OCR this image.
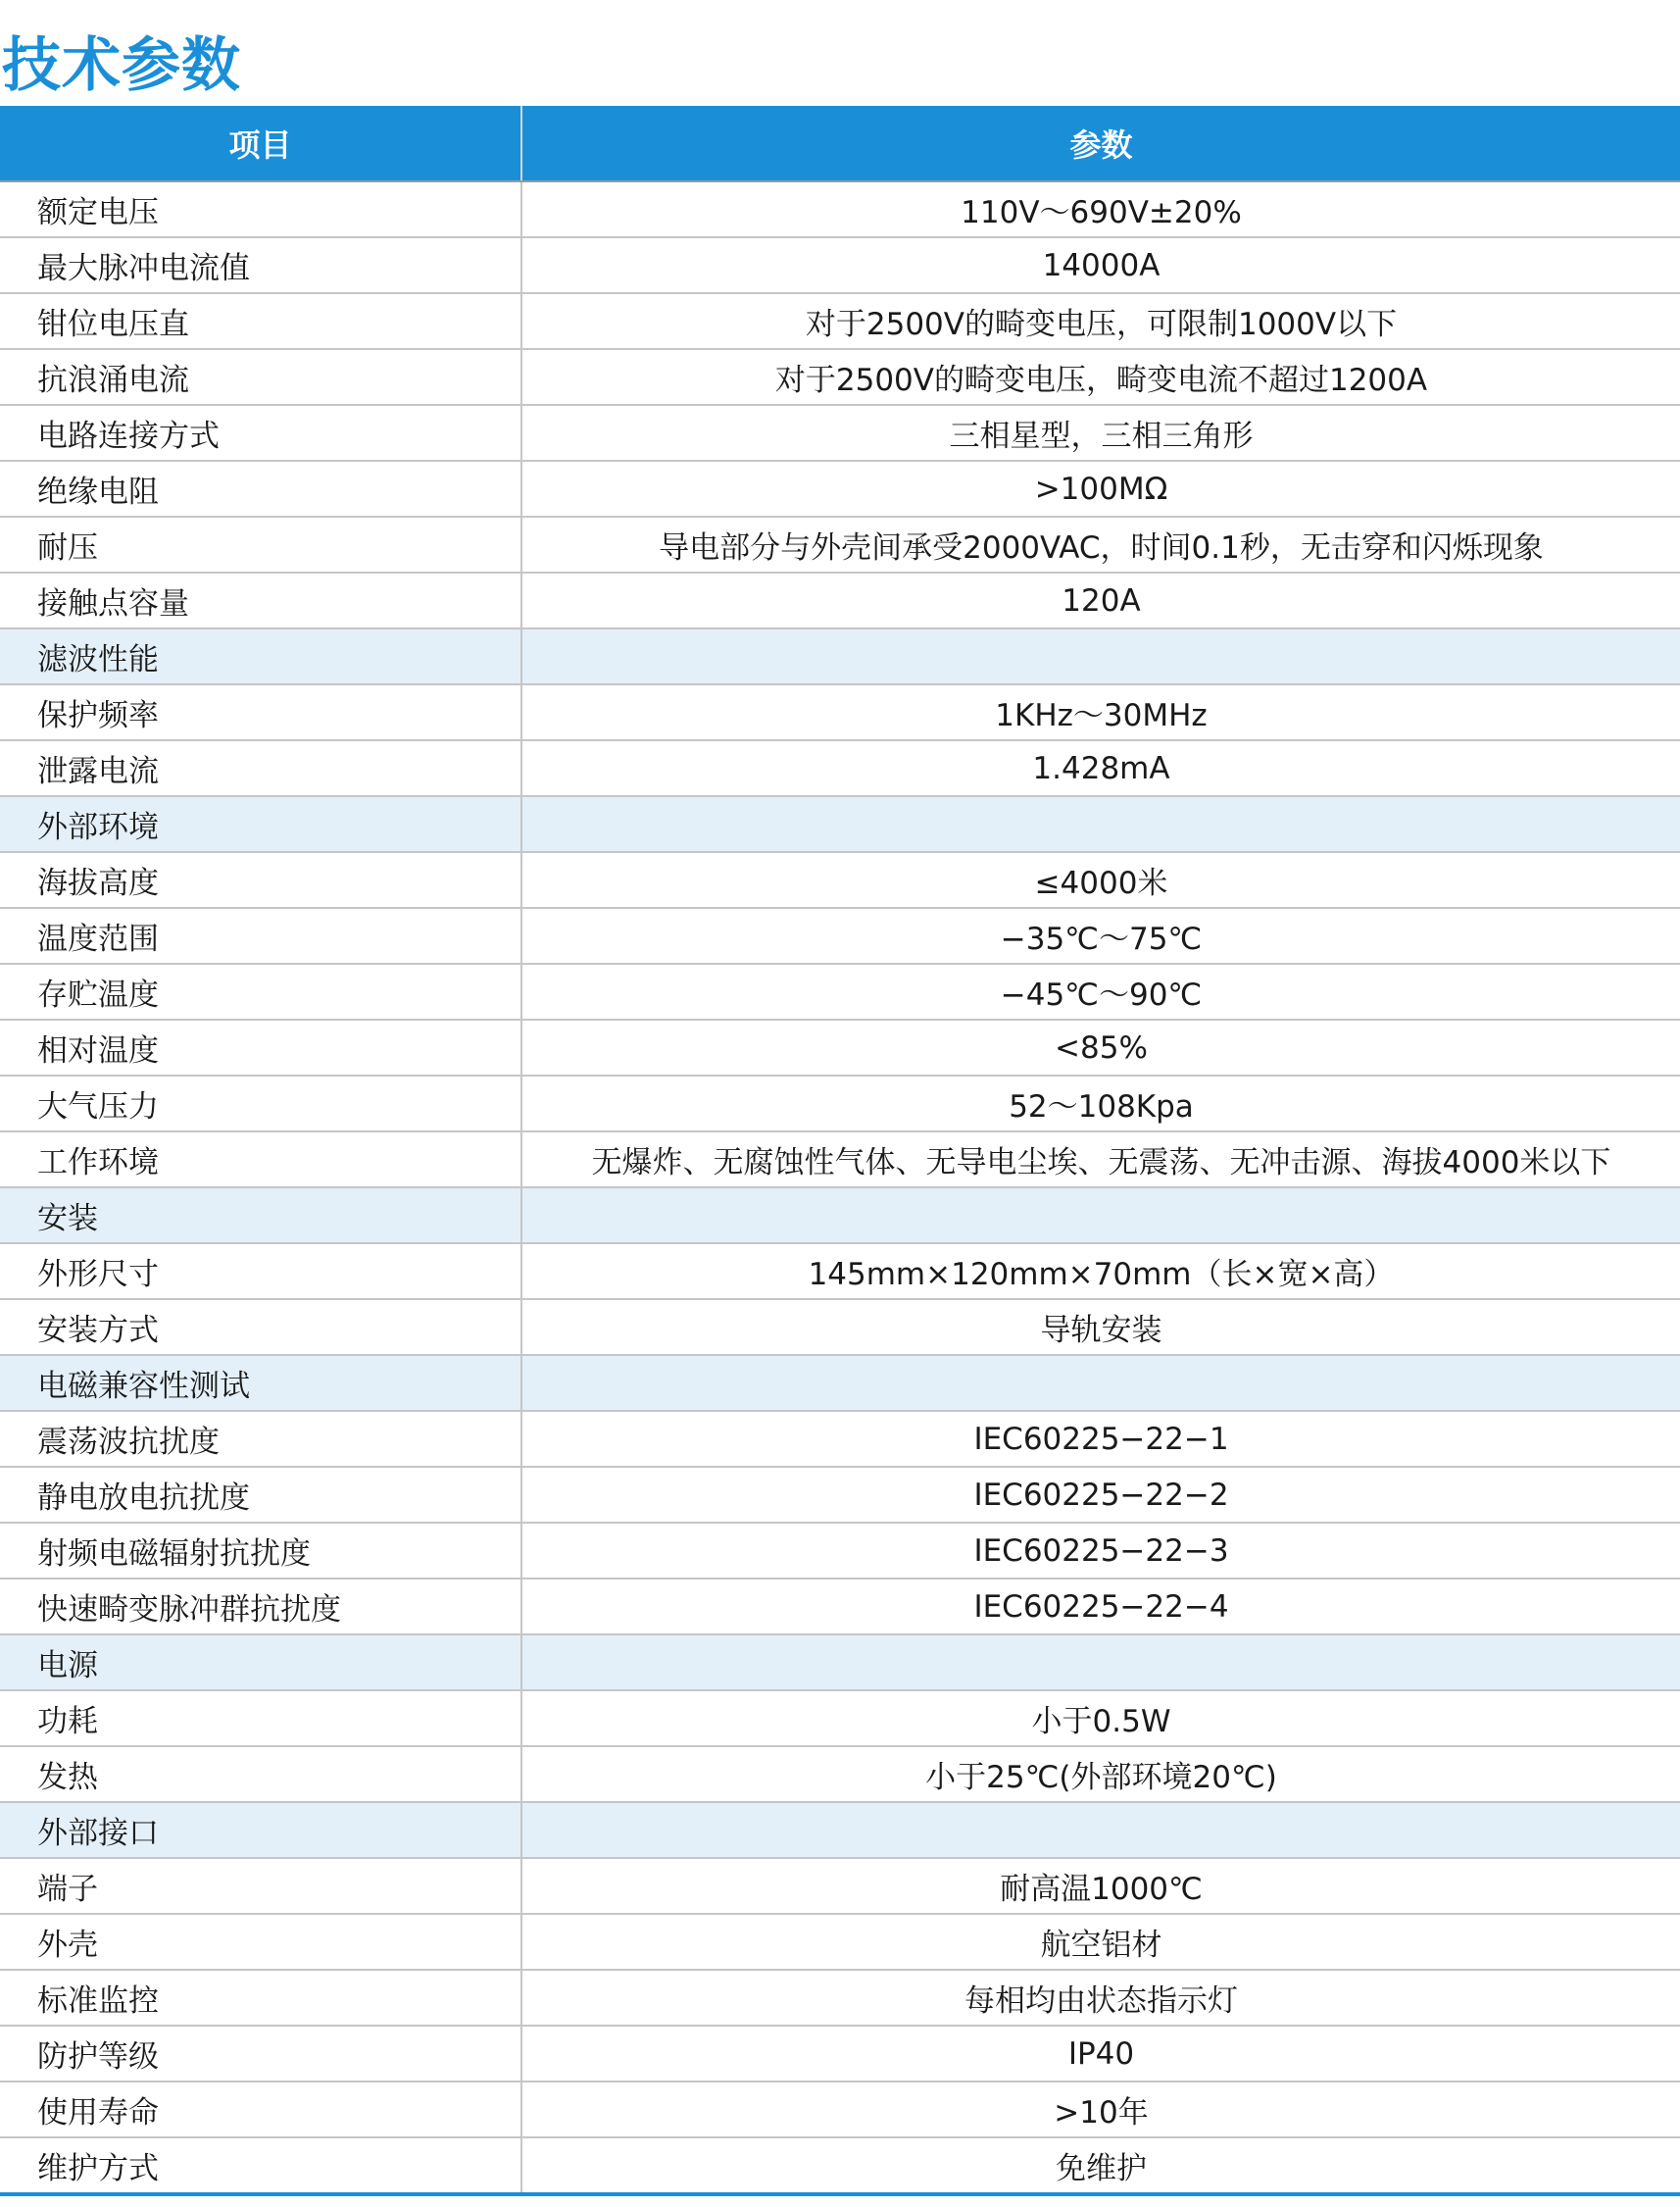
技术参数
项目	参数
额定电压	110V～690V±20%
最大脉冲电流值	14000A
钳位电压直	对于2500V的畸变电压，可限制1000V以下
抗浪涌电流	对于2500V的畸变电压，畸变电流不超过1200A
电路连接方式	三相星型，三相三角形
绝缘电阻	>100MΩ
耐压	导电部分与外壳间承受2000VAC，时间0.1秒，无击穿和闪烁现象
接触点容量	120A
滤波性能	
保护频率	1KHz～30MHz
泄露电流	1.428mA
外部环境	
海拔高度	≤4000米
温度范围	−35℃～75℃
存贮温度	−45℃～90℃
相对温度	<85%
大气压力	52～108Kpa
工作环境	无爆炸、无腐蚀性气体、无导电尘埃、无震荡、无冲击源、海拔4000米以下
安装	
外形尺寸	145mm×120mm×70mm（长×宽×高）
安装方式	导轨安装
电磁兼容性测试	
震荡波抗扰度	IEC60225−22−1
静电放电抗扰度	IEC60225−22−2
射频电磁辐射抗扰度	IEC60225−22−3
快速畸变脉冲群抗扰度	IEC60225−22−4
电源	
功耗	小于0.5W
发热	小于25℃(外部环境20℃)
外部接口	
端子	耐高温1000℃
外壳	航空铝材
标准监控	每相均由状态指示灯
防护等级	IP40
使用寿命	>10年
维护方式	免维护
